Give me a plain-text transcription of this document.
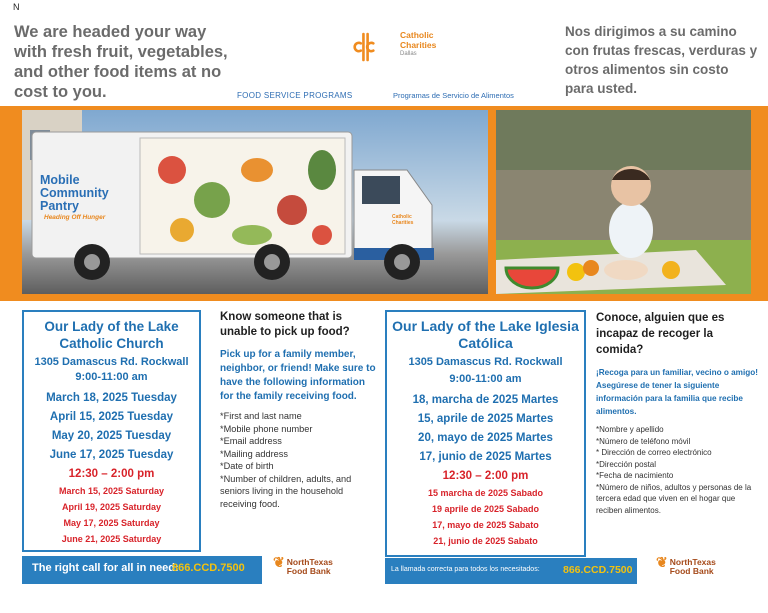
N
We are headed your way with fresh fruit, vegetables, and other food items at no cost to you.
Nos dirigimos a su camino con frutas frescas, verduras y otros alimentos sin costo para usted.
Catholic
Charities
Dallas
FOOD SERVICE PROGRAMS	Programas de Servicio de Alimentos
Mobile Community Pantry
Heading Off Hunger	Catholic Charities
Our Lady of the Lake Catholic Church
1305 Damascus Rd. Rockwall
9:00-11:00 am
March 18, 2025 Tuesday
April 15, 2025 Tuesday
May 20, 2025 Tuesday
June 17, 2025 Tuesday
12:30 – 2:00 pm
March 15, 2025 Saturday
April 19, 2025 Saturday
May 17, 2025 Saturday
June 21, 2025 Saturday
Know someone that is unable to pick up food?
Pick up for a family member, neighbor, or friend! Make sure to have the following information for the family receiving food.
*First and last name
*Mobile phone number
*Email address
*Mailing address
*Date of birth
*Number of children, adults, and seniors living in the household receiving food.
Our Lady of the Lake Iglesia Católica
1305 Damascus Rd. Rockwall
9:00-11:00 am
18, marcha de 2025 Martes
15, aprile de 2025 Martes
20, mayo de 2025 Martes
17, junio de 2025 Martes
12:30 – 2:00 pm
15 marcha de 2025 Sabado
19 aprile de 2025 Sabado
17, mayo de 2025 Sabato
21, junio de 2025 Sabato
Conoce, alguien que es incapaz de recoger la comida?
¡Recoga para un familiar, vecino o amigo! Asegúrese de tener la siguiente información para la familia que recibe alimentos.
*Nombre y apellido
*Número de teléfono móvil
* Dirección de correo electrónico
*Dirección postal
*Fecha de nacimiento
*Número de niños, adultos y personas de la tercera edad que viven en el hogar que reciben alimentos.
The right call for all in need:
866.CCD.7500 ❦ NorthTexas
Food Bank	La llamada correcta para todos los necesitados: 866.CCD.7500 ❦ NorthTexas
Food Bank
